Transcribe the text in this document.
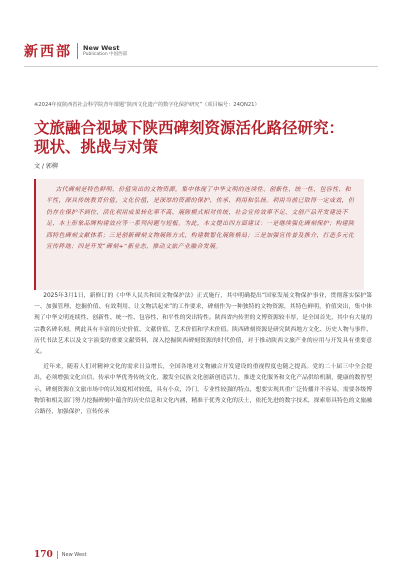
新西部 New West
Publication 中国西部
※2024年度陕西省社会科学院青年课题“陕西文化遗产的数字化保护研究”（项目编号：24QN21）
文旅融合视域下陕西碑刻资源活化路径研究：
现状、挑战与对策
文 / 郭柳

古代碑刻是特色鲜明、价值突出的文物资源，集中体现了中华文明的连续性、创新性、统一性、包容性、和平性，深具传统教育价值，文化价值，是深厚的资源的保护、传承、利用和弘扬。利用当前已取得一定成效，但仍存在保护不到位、活化利用成果转化率不高、展陈模式相对传统、社会宣传效率不足、文创产品开发建设不足、本土形象品牌构建效应等一系列问题与短板。为此，本文提出四方面建议：一是继续强化碑刻保护；构建陕西特色碑刻文献体系；三是创新碑刻文物展陈方式，构建数智化展陈格局；三是加强宣传普及推介，打造多元化宣传阵地；四是开发“碑刻+”新业态，推动文旅产业融合发展。

2025年3月1日，新修订的《中华人民共和国文物保护法》正式施行，其中明确提出“国家发展文物保护事业，贯彻落实保护第一、加强管理、挖掘价值、有效利用、让文物活起来”的工作要求，碑刻作为一种独特的文物资源，其特色鲜明，价值突出，集中体现了中华文明连续性、创新性、统一性、包容性、和平性的突出特性。陕西省内传世的文博资源较丰厚，是全国首先，其中有大量的宗教名碑名刻，例此具有丰富的历史价值、文献价值、艺术价值和学术价值。陕西碑刻资源是研究陕西地方文化、历史人物与事件、历代书法艺术以及文字演变的重要文献资料，深入挖掘陕西碑刻资源的时代价值，对于推动陕西文旅产业的应用与开发具有重要意义。

近年来，随着人们对精神文化的需求日益增长，全国各地对文物融合开发建设的重视程度也随之提高。党的二十届三中全会提出，必须增强文化自信，传承中华优秀传统文化，激发全民族文化创新创造活力，推进文化服务和文化产品供给机制，健康的数智型示，碑刻资源在文旅市场中的认知度相对较低，具有小众，冷门，专业性较强的特点，想要实现其重广泛传播并不容易，需要各级博物馆和相关部门努力挖掘碑刻中蕴含的历史信息和文化内涵，精准于优秀文化的沃土，依托先进的数字技术，探索彰具特色的文旅融合路径，加强保护，宣传传承

170 New West
